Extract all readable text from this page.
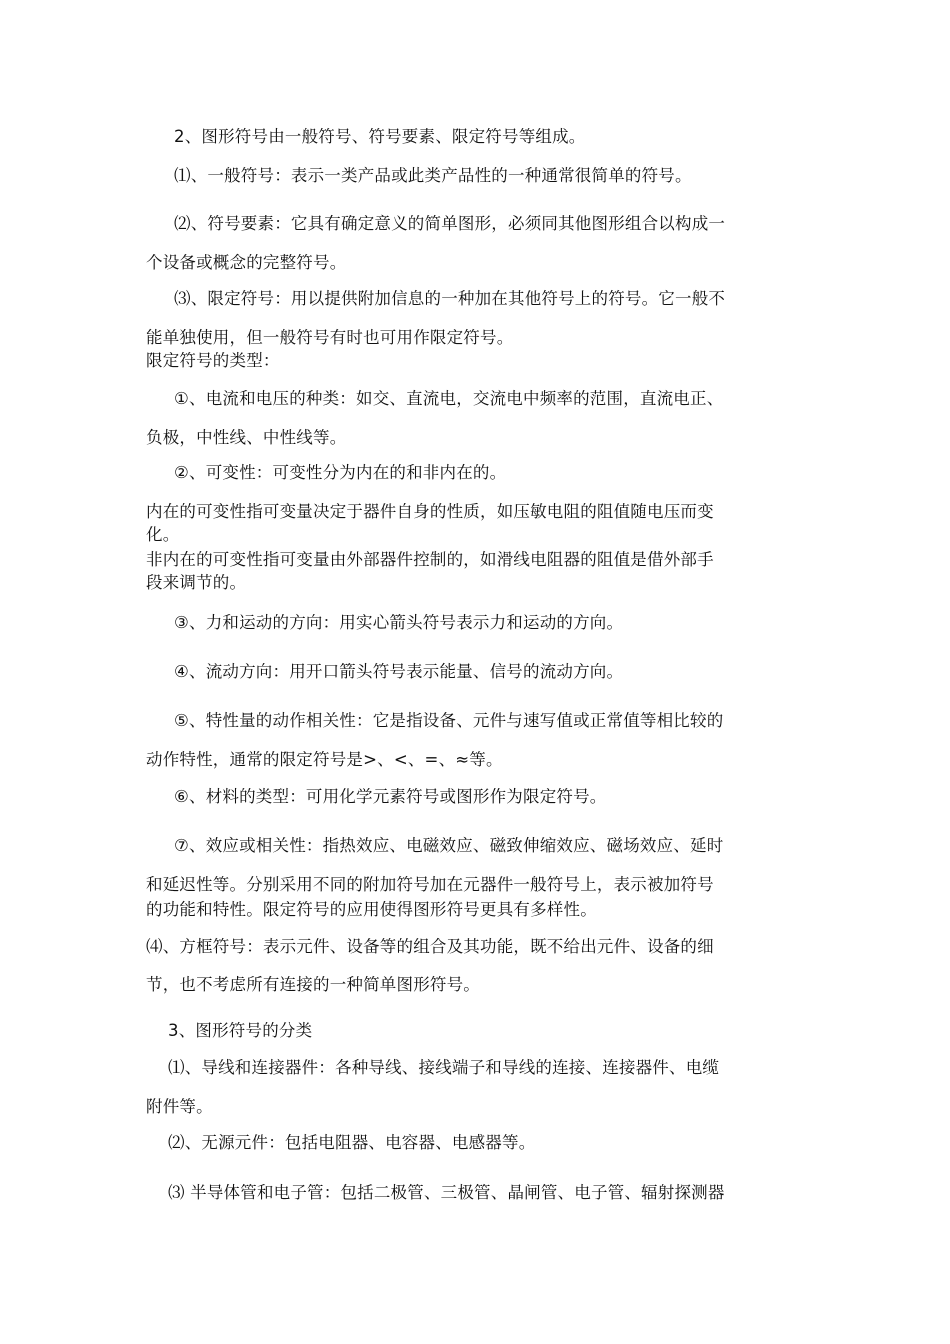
2、图形符号由一般符号、符号要素、限定符号等组成。
⑴、一般符号：表示一类产品或此类产品性的一种通常很简单的符号。
⑵、符号要素：它具有确定意义的简单图形，必须同其他图形组合以构成一
个设备或概念的完整符号。
⑶、限定符号：用以提供附加信息的一种加在其他符号上的符号。它一般不
能单独使用，但一般符号有时也可用作限定符号。
限定符号的类型：
①、电流和电压的种类：如交、直流电，交流电中频率的范围，直流电正、
负极，中性线、中性线等。
②、可变性：可变性分为内在的和非内在的。
内在的可变性指可变量决定于器件自身的性质，如压敏电阻的阻值随电压而变
化。
非内在的可变性指可变量由外部器件控制的，如滑线电阻器的阻值是借外部手
段来调节的。
③、力和运动的方向：用实心箭头符号表示力和运动的方向。
④、流动方向：用开口箭头符号表示能量、信号的流动方向。
⑤、特性量的动作相关性：它是指设备、元件与速写值或正常值等相比较的
动作特性，通常的限定符号是>、<、=、≈等。
⑥、材料的类型：可用化学元素符号或图形作为限定符号。
⑦、效应或相关性：指热效应、电磁效应、磁致伸缩效应、磁场效应、延时
和延迟性等。分别采用不同的附加符号加在元器件一般符号上，表示被加符号
的功能和特性。限定符号的应用使得图形符号更具有多样性。
⑷、方框符号：表示元件、设备等的组合及其功能，既不给出元件、设备的细
节，也不考虑所有连接的一种简单图形符号。
3、图形符号的分类
⑴、导线和连接器件：各种导线、接线端子和导线的连接、连接器件、电缆
附件等。
⑵、无源元件：包括电阻器、电容器、电感器等。
⑶ 半导体管和电子管：包括二极管、三极管、晶闸管、电子管、辐射探测器
